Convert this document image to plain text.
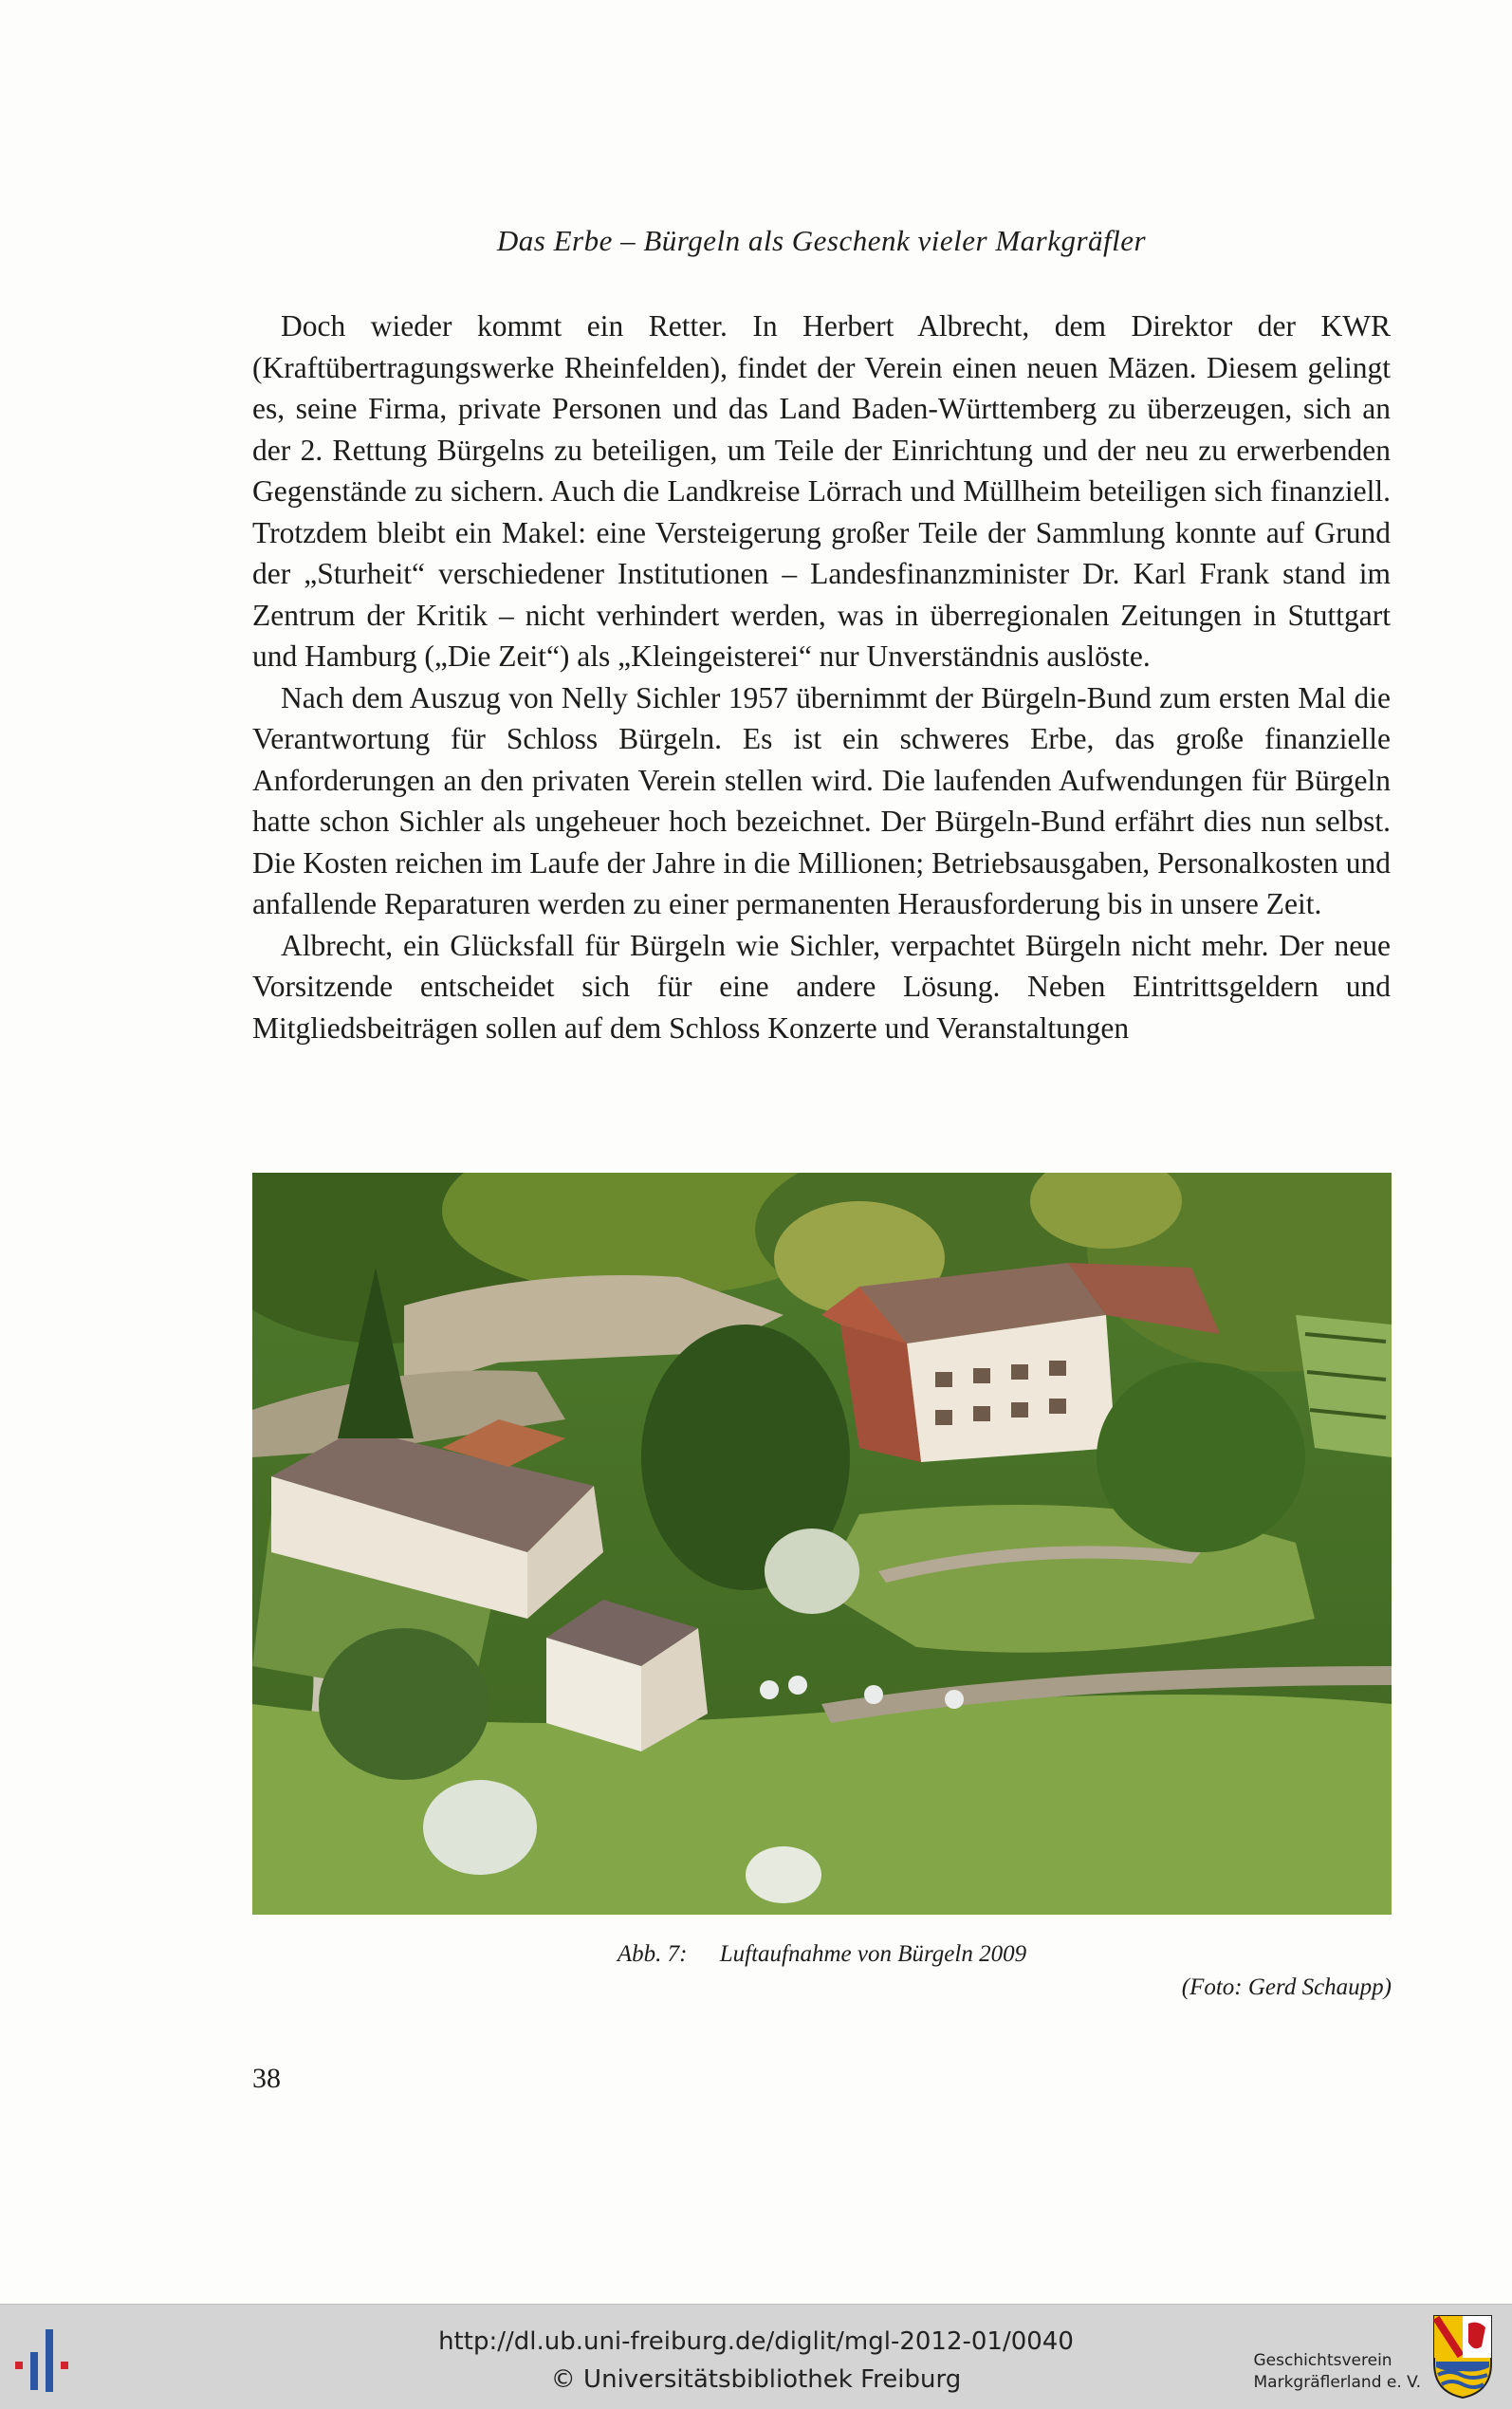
Das Erbe – Bürgeln als Geschenk vieler Markgräfler

Doch wieder kommt ein Retter. In Herbert Albrecht, dem Direktor der KWR (Kraftübertragungswerke Rheinfelden), findet der Verein einen neuen Mäzen. Diesem gelingt es, seine Firma, private Personen und das Land Baden-Württemberg zu überzeugen, sich an der 2. Rettung Bürgelns zu beteiligen, um Teile der Einrichtung und der neu zu erwerbenden Gegenstände zu sichern. Auch die Landkreise Lörrach und Müllheim beteiligen sich finanziell. Trotzdem bleibt ein Makel: eine Versteigerung großer Teile der Sammlung konnte auf Grund der „Sturheit“ verschiedener Institutionen – Landesfinanzminister Dr. Karl Frank stand im Zentrum der Kritik – nicht verhindert werden, was in überregionalen Zeitungen in Stuttgart und Hamburg („Die Zeit“) als „Kleingeisterei“ nur Unverständnis auslöste.

Nach dem Auszug von Nelly Sichler 1957 übernimmt der Bürgeln-Bund zum ersten Mal die Verantwortung für Schloss Bürgeln. Es ist ein schweres Erbe, das große finanzielle Anforderungen an den privaten Verein stellen wird. Die laufenden Aufwendungen für Bürgeln hatte schon Sichler als ungeheuer hoch bezeichnet. Der Bürgeln-Bund erfährt dies nun selbst. Die Kosten reichen im Laufe der Jahre in die Millionen; Betriebsausgaben, Personalkosten und anfallende Reparaturen werden zu einer permanenten Herausforderung bis in unsere Zeit.

Albrecht, ein Glücksfall für Bürgeln wie Sichler, verpachtet Bürgeln nicht mehr. Der neue Vorsitzende entscheidet sich für eine andere Lösung. Neben Eintrittsgeldern und Mitgliedsbeiträgen sollen auf dem Schloss Konzerte und Veranstaltungen

Abb. 7: Luftaufnahme von Bürgeln 2009
(Foto: Gerd Schaupp)
38
http://dl.ub.uni-freiburg.de/diglit/mgl-2012-01/0040
© Universitätsbibliothek Freiburg
Geschichtsverein
Markgräflerland e. V.
